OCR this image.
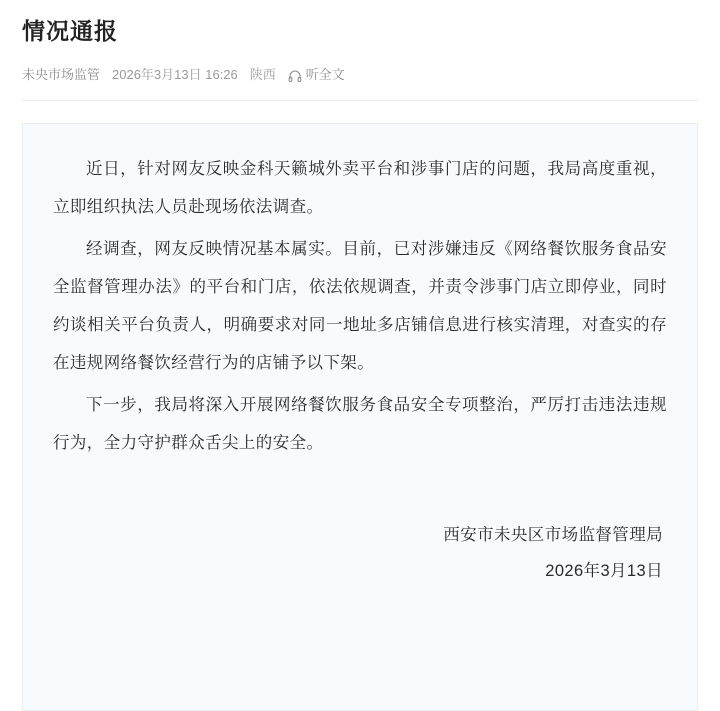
情况通报
未央市场监管 2026年3月13日 16:26 陕西 听全文

近日，针对网友反映金科天籁城外卖平台和涉事门店的问题，我局高度重视，立即组织执法人员赴现场依法调查。

经调查，网友反映情况基本属实。目前，已对涉嫌违反《网络餐饮服务食品安全监督管理办法》的平台和门店，依法依规调查，并责令涉事门店立即停业，同时约谈相关平台负责人，明确要求对同一地址多店铺信息进行核实清理，对查实的存在违规网络餐饮经营行为的店铺予以下架。

下一步，我局将深入开展网络餐饮服务食品安全专项整治，严厉打击违法违规行为，全力守护群众舌尖上的安全。

西安市未央区市场监督管理局
2026年3月13日
